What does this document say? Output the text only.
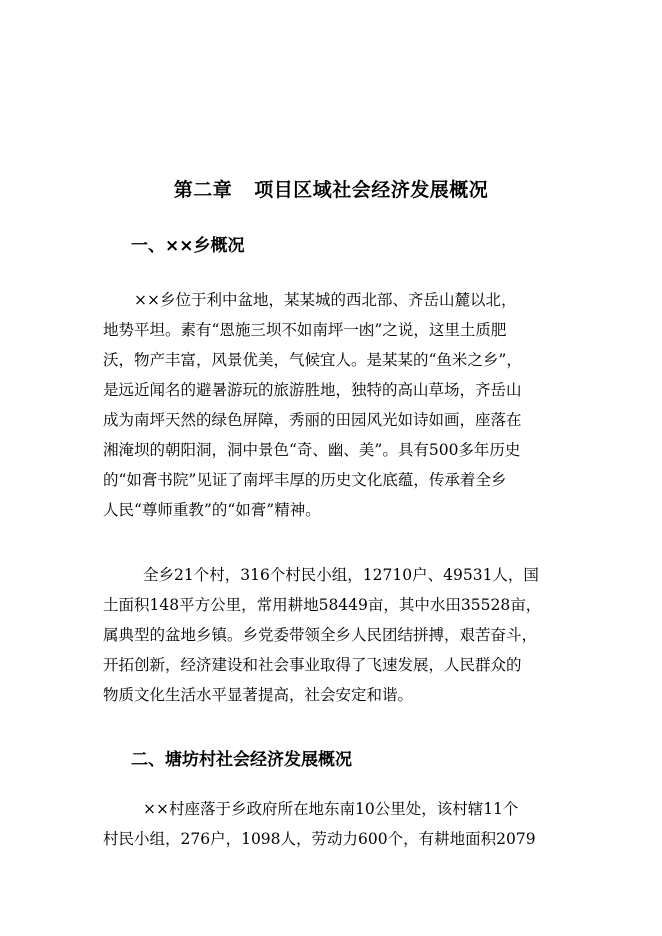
第二章 项目区域社会经济发展概况
一、××乡概况
××乡位于利中盆地，某某城的西北部、齐岳山麓以北，
地势平坦。素有“恩施三坝不如南坪一凼”之说，这里土质肥
沃，物产丰富，风景优美，气候宜人。是某某的“鱼米之乡”，
是远近闻名的避暑游玩的旅游胜地，独特的高山草场，齐岳山
成为南坪天然的绿色屏障，秀丽的田园风光如诗如画，座落在
湘淹坝的朝阳洞，洞中景色“奇、幽、美”。具有500多年历史
的“如膏书院”见证了南坪丰厚的历史文化底蕴，传承着全乡
人民“尊师重教”的“如膏”精神。
全乡21个村，316个村民小组，12710户、49531人，国
土面积148平方公里，常用耕地58449亩，其中水田35528亩，
属典型的盆地乡镇。乡党委带领全乡人民团结拼搏，艰苦奋斗，
开拓创新，经济建设和社会事业取得了飞速发展，人民群众的
物质文化生活水平显著提高，社会安定和谐。
二、塘坊村社会经济发展概况
××村座落于乡政府所在地东南10公里处，该村辖11个
村民小组，276户，1098人，劳动力600个，有耕地面积2079
